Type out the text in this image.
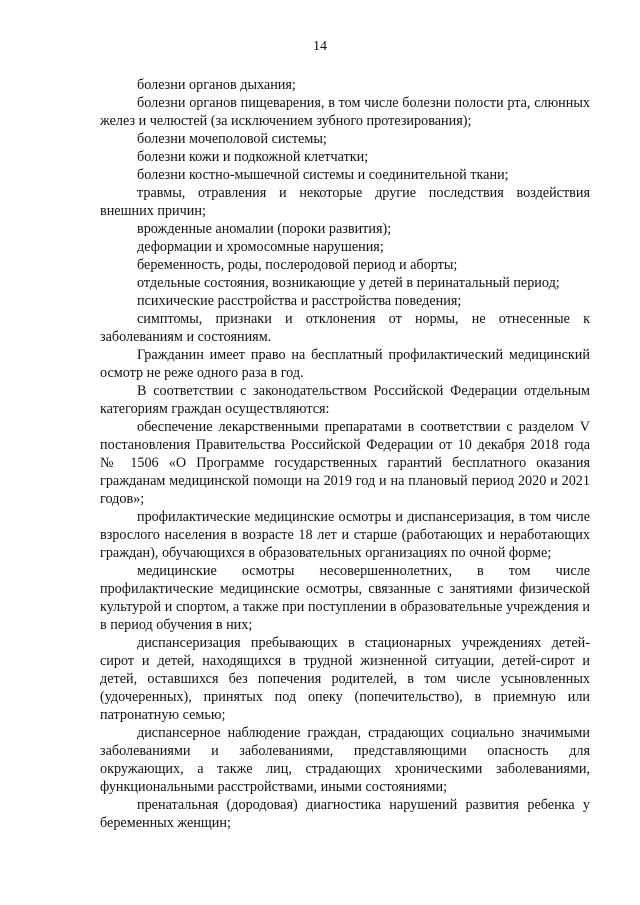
14

болезни органов дыхания;

болезни органов пищеварения, в том числе болезни полости рта, слюнных желез и челюстей (за исключением зубного протезирования);

болезни мочеполовой системы;

болезни кожи и подкожной клетчатки;

болезни костно-мышечной системы и соединительной ткани;

травмы, отравления и некоторые другие последствия воздействия внешних причин;

врожденные аномалии (пороки развития);

деформации и хромосомные нарушения;

беременность, роды, послеродовой период и аборты;

отдельные состояния, возникающие у детей в перинатальный период;

психические расстройства и расстройства поведения;

симптомы, признаки и отклонения от нормы, не отнесенные к заболеваниям и состояниям.

Гражданин имеет право на бесплатный профилактический медицинский осмотр не реже одного раза в год.

В соответствии с законодательством Российской Федерации отдельным категориям граждан осуществляются:

обеспечение лекарственными препаратами в соответствии с разделом V постановления Правительства Российской Федерации от 10 декабря 2018 года № 1506 «О Программе государственных гарантий бесплатного оказания гражданам медицинской помощи на 2019 год и на плановый период 2020 и 2021 годов»;

профилактические медицинские осмотры и диспансеризация, в том числе взрослого населения в возрасте 18 лет и старше (работающих и неработающих граждан), обучающихся в образовательных организациях по очной форме;

медицинские осмотры несовершеннолетних, в том числе профилактические медицинские осмотры, связанные с занятиями физической культурой и спортом, а также при поступлении в образовательные учреждения и в период обучения в них;

диспансеризация пребывающих в стационарных учреждениях детей-сирот и детей, находящихся в трудной жизненной ситуации, детей-сирот и детей, оставшихся без попечения родителей, в том числе усыновленных (удочеренных), принятых под опеку (попечительство), в приемную или патронатную семью;

диспансерное наблюдение граждан, страдающих социально значимыми заболеваниями и заболеваниями, представляющими опасность для окружающих, а также лиц, страдающих хроническими заболеваниями, функциональными расстройствами, иными состояниями;

пренатальная (дородовая) диагностика нарушений развития ребенка у беременных женщин;
